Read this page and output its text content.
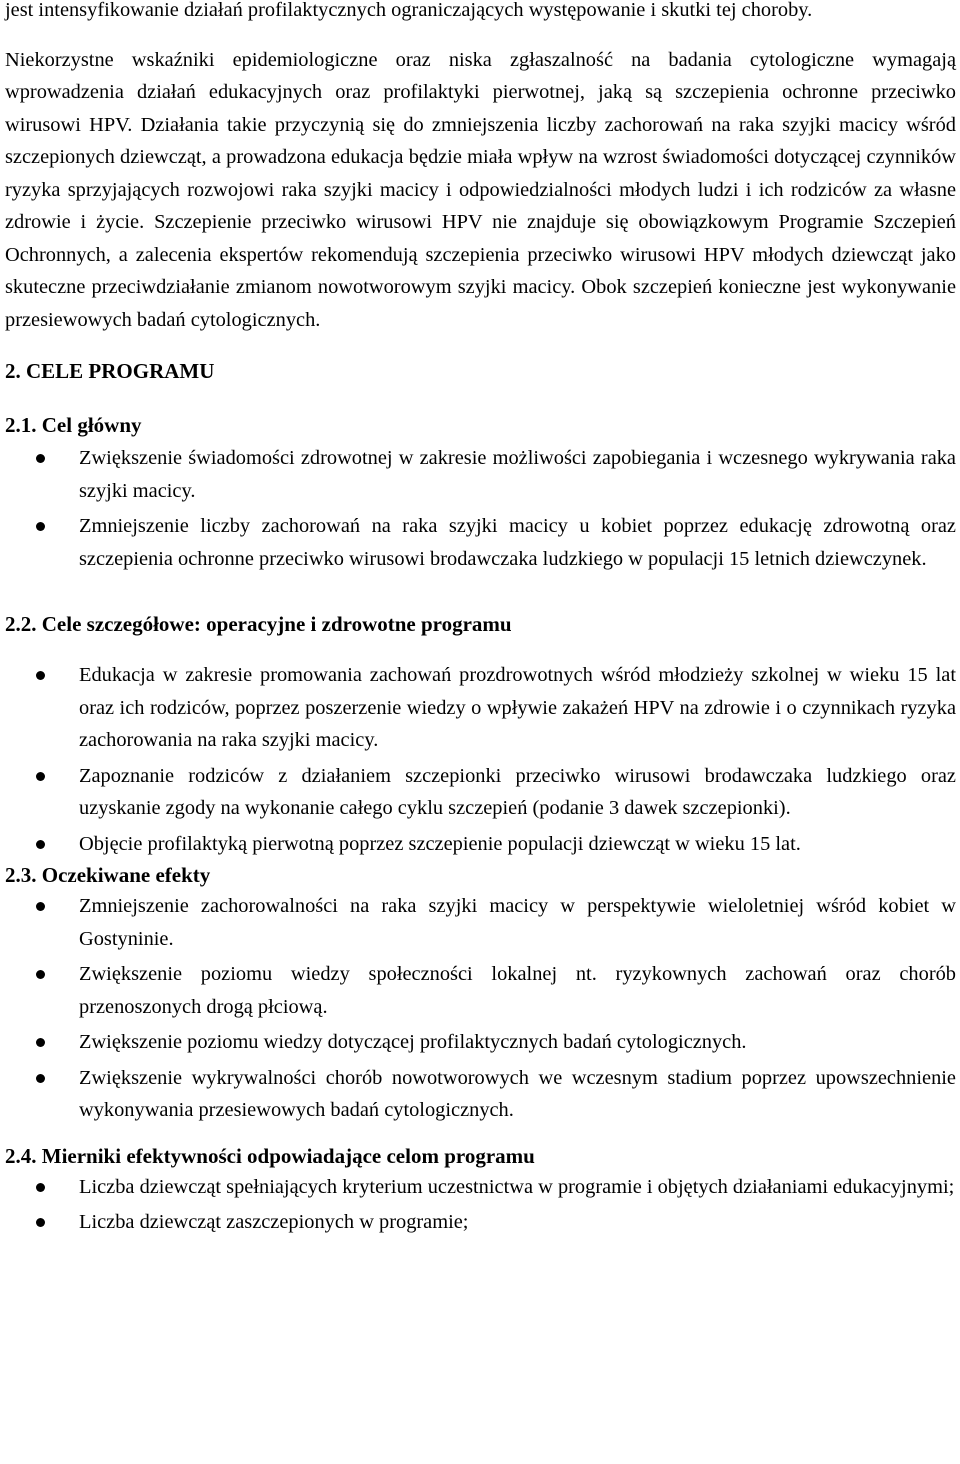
jest intensyfikowanie działań profilaktycznych ograniczających występowanie i skutki tej choroby.

Niekorzystne wskaźniki epidemiologiczne oraz niska zgłaszalność na badania cytologiczne wymagają wprowadzenia działań edukacyjnych oraz profilaktyki pierwotnej, jaką są szczepienia ochronne przeciwko wirusowi HPV. Działania takie przyczynią się do zmniejszenia liczby zachorowań na raka szyjki macicy wśród szczepionych dziewcząt, a prowadzona edukacja będzie miała wpływ na wzrost świadomości dotyczącej czynników ryzyka sprzyjających rozwojowi raka szyjki macicy i odpowiedzialności młodych ludzi i ich rodziców za własne zdrowie i życie. Szczepienie przeciwko wirusowi HPV nie znajduje się obowiązkowym Programie Szczepień Ochronnych, a zalecenia ekspertów rekomendują szczepienia przeciwko wirusowi HPV młodych dziewcząt jako skuteczne przeciwdziałanie zmianom nowotworowym szyjki macicy. Obok szczepień konieczne jest wykonywanie przesiewowych badań cytologicznych.

2. CELE PROGRAMU
2.1. Cel główny
Zwiększenie świadomości zdrowotnej w zakresie możliwości zapobiegania i wczesnego wykrywania raka szyjki macicy.
Zmniejszenie liczby zachorowań na raka szyjki macicy u kobiet poprzez edukację zdrowotną oraz szczepienia ochronne przeciwko wirusowi brodawczaka ludzkiego w populacji 15 letnich dziewczynek.
2.2. Cele szczegółowe: operacyjne i zdrowotne programu
Edukacja w zakresie promowania zachowań prozdrowotnych wśród młodzieży szkolnej w wieku 15 lat oraz ich rodziców, poprzez poszerzenie wiedzy o wpływie zakażeń HPV na zdrowie i o czynnikach ryzyka zachorowania na raka szyjki macicy.
Zapoznanie rodziców z działaniem szczepionki przeciwko wirusowi brodawczaka ludzkiego oraz uzyskanie zgody na wykonanie całego cyklu szczepień (podanie 3 dawek szczepionki).
Objęcie profilaktyką pierwotną poprzez szczepienie populacji dziewcząt w wieku 15 lat.
2.3. Oczekiwane efekty
Zmniejszenie zachorowalności na raka szyjki macicy w perspektywie wieloletniej wśród kobiet w Gostyninie.
Zwiększenie poziomu wiedzy społeczności lokalnej nt. ryzykownych zachowań oraz chorób przenoszonych drogą płciową.
Zwiększenie poziomu wiedzy dotyczącej profilaktycznych badań cytologicznych.
Zwiększenie wykrywalności chorób nowotworowych we wczesnym stadium poprzez upowszechnienie wykonywania przesiewowych badań cytologicznych.
2.4. Mierniki efektywności odpowiadające celom programu
Liczba dziewcząt spełniających kryterium uczestnictwa w programie i objętych działaniami edukacyjnymi;
Liczba dziewcząt zaszczepionych w programie;
